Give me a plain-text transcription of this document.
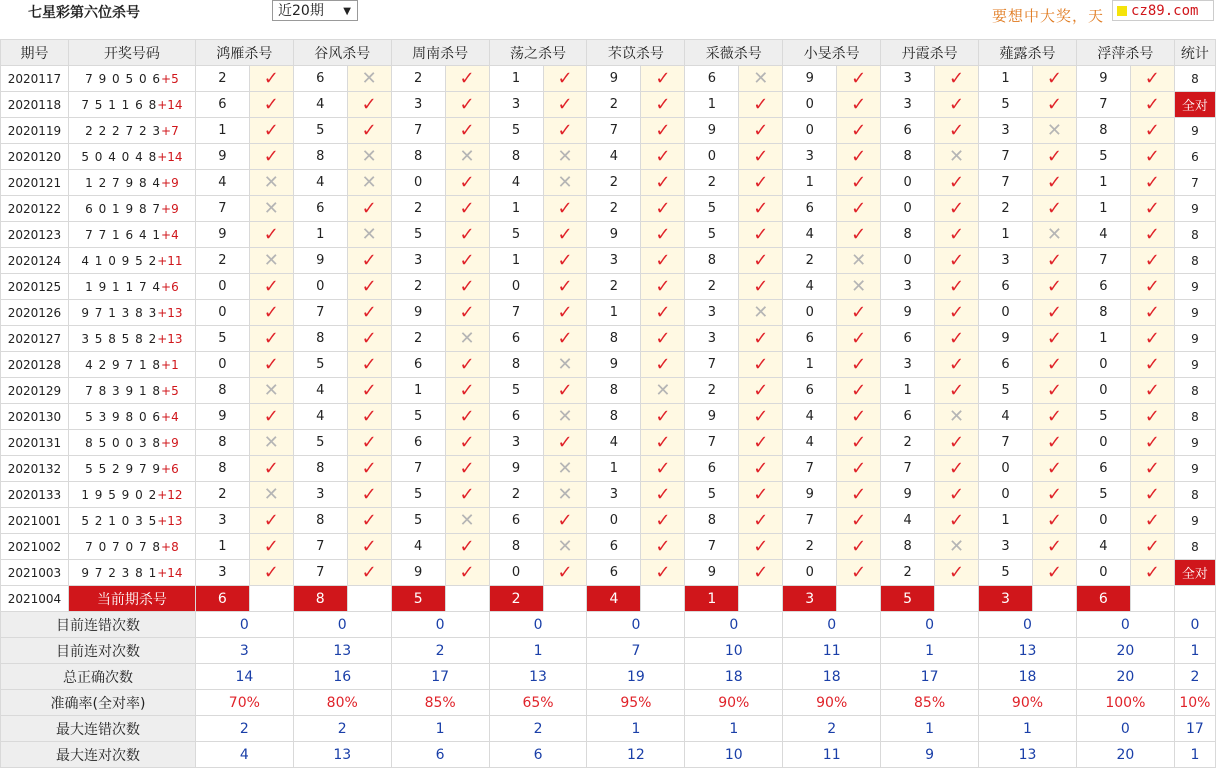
七星彩第六位杀号	近20期 ▼	要想中大奖，天	cz89.com
期号	开奖号码	鸿雁杀号		谷风杀号		周南杀号		荡之杀号		芣苡杀号		采薇杀号		小旻杀号		丹霞杀号		薤露杀号		浮萍杀号		统计
2020117	7 9 0 5 0 6+5	2	✓	6	✕	2	✓	1	✓	9	✓	6	✕	9	✓	3	✓	1	✓	9	✓	8
2020118	7 5 1 1 6 8+14	6	✓	4	✓	3	✓	3	✓	2	✓	1	✓	0	✓	3	✓	5	✓	7	✓	全对
2020119	2 2 2 7 2 3+7	1	✓	5	✓	7	✓	5	✓	7	✓	9	✓	0	✓	6	✓	3	✕	8	✓	9
2020120	5 0 4 0 4 8+14	9	✓	8	✕	8	✕	8	✕	4	✓	0	✓	3	✓	8	✕	7	✓	5	✓	6
2020121	1 2 7 9 8 4+9	4	✕	4	✕	0	✓	4	✕	2	✓	2	✓	1	✓	0	✓	7	✓	1	✓	7
2020122	6 0 1 9 8 7+9	7	✕	6	✓	2	✓	1	✓	2	✓	5	✓	6	✓	0	✓	2	✓	1	✓	9
2020123	7 7 1 6 4 1+4	9	✓	1	✕	5	✓	5	✓	9	✓	5	✓	4	✓	8	✓	1	✕	4	✓	8
2020124	4 1 0 9 5 2+11	2	✕	9	✓	3	✓	1	✓	3	✓	8	✓	2	✕	0	✓	3	✓	7	✓	8
2020125	1 9 1 1 7 4+6	0	✓	0	✓	2	✓	0	✓	2	✓	2	✓	4	✕	3	✓	6	✓	6	✓	9
2020126	9 7 1 3 8 3+13	0	✓	7	✓	9	✓	7	✓	1	✓	3	✕	0	✓	9	✓	0	✓	8	✓	9
2020127	3 5 8 5 8 2+13	5	✓	8	✓	2	✕	6	✓	8	✓	3	✓	6	✓	6	✓	9	✓	1	✓	9
2020128	4 2 9 7 1 8+1	0	✓	5	✓	6	✓	8	✕	9	✓	7	✓	1	✓	3	✓	6	✓	0	✓	9
2020129	7 8 3 9 1 8+5	8	✕	4	✓	1	✓	5	✓	8	✕	2	✓	6	✓	1	✓	5	✓	0	✓	8
2020130	5 3 9 8 0 6+4	9	✓	4	✓	5	✓	6	✕	8	✓	9	✓	4	✓	6	✕	4	✓	5	✓	8
2020131	8 5 0 0 3 8+9	8	✕	5	✓	6	✓	3	✓	4	✓	7	✓	4	✓	2	✓	7	✓	0	✓	9
2020132	5 5 2 9 7 9+6	8	✓	8	✓	7	✓	9	✕	1	✓	6	✓	7	✓	7	✓	0	✓	6	✓	9
2020133	1 9 5 9 0 2+12	2	✕	3	✓	5	✓	2	✕	3	✓	5	✓	9	✓	9	✓	0	✓	5	✓	8
2021001	5 2 1 0 3 5+13	3	✓	8	✓	5	✕	6	✓	0	✓	8	✓	7	✓	4	✓	1	✓	0	✓	9
2021002	7 0 7 0 7 8+8	1	✓	7	✓	4	✓	8	✕	6	✓	7	✓	2	✓	8	✕	3	✓	4	✓	8
2021003	9 7 2 3 8 1+14	3	✓	7	✓	9	✓	0	✓	6	✓	9	✓	0	✓	2	✓	5	✓	0	✓	全对
2021004	当前期杀号	6		8		5		2		4		1		3		5		3		6		
目前连错次数		0		0		0		0		0		0		0		0		0		0		0
目前连对次数		3		13		2		1		7		10		11		1		13		20		1
总正确次数		14		16		17		13		19		18		18		17		18		20		2
准确率(全对率)		70%		80%		85%		65%		95%		90%		90%		85%		90%		100%		10%
最大连错次数		2		2		1		2		1		1		2		1		1		0		17
最大连对次数		4		13		6		6		12		10		11		9		13		20		1
